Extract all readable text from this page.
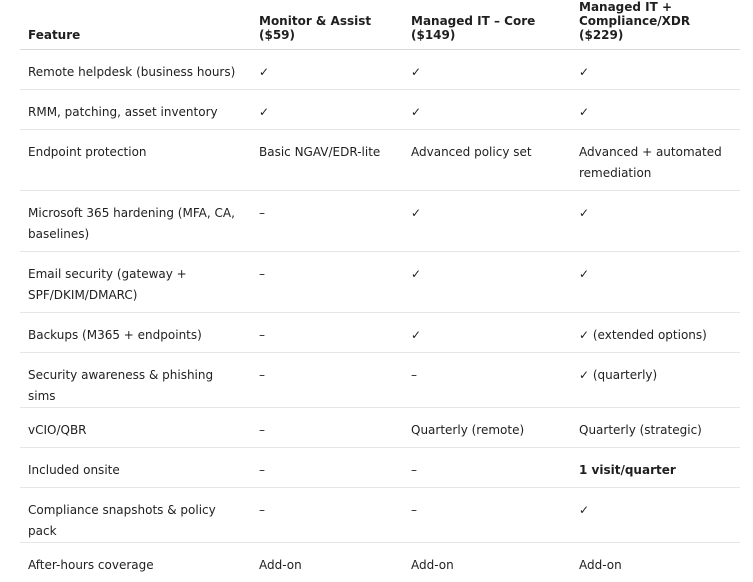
Feature	Monitor & Assist ($59)	Managed IT – Core ($149)	Managed IT + Compliance/XDR ($229)
Remote helpdesk (business hours)	✓	✓	✓
RMM, patching, asset inventory	✓	✓	✓
Endpoint protection	Basic NGAV/EDR-lite	Advanced policy set	Advanced + automated remediation
Microsoft 365 hardening (MFA, CA, baselines)	–	✓	✓
Email security (gateway + SPF/DKIM/DMARC)	–	✓	✓
Backups (M365 + endpoints)	–	✓	✓ (extended options)
Security awareness & phishing sims	–	–	✓ (quarterly)
vCIO/QBR	–	Quarterly (remote)	Quarterly (strategic)
Included onsite	–	–	1 visit/quarter
Compliance snapshots & policy pack	–	–	✓
After-hours coverage	Add-on	Add-on	Add-on
